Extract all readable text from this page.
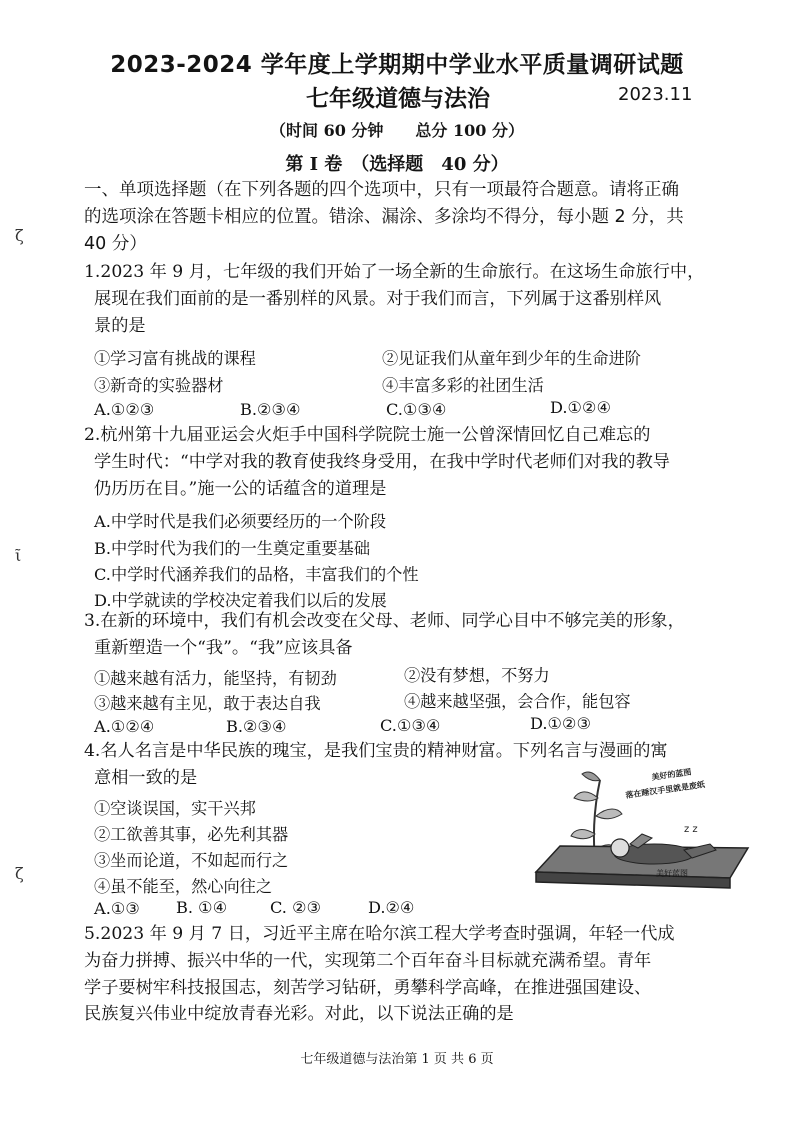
ζ
ῖ
ζ
2023-2024 学年度上学期期中学业水平质量调研试题
七年级道德与法治	2023.11
（时间 60 分钟　　总分 100 分）
第 I 卷　（选择题　40 分）
一、单项选择题（在下列各题的四个选项中，只有一项最符合题意。请将正确
的选项涂在答题卡相应的位置。错涂、漏涂、多涂均不得分，每小题 2 分，共
40 分）
1.2023 年 9 月，七年级的我们开始了一场全新的生命旅行。在这场生命旅行中，
展现在我们面前的是一番别样的风景。对于我们而言，下列属于这番别样风
景的是
①学习富有挑战的课程	②见证我们从童年到少年的生命进阶
③新奇的实验器材	④丰富多彩的社团生活
A.①②③	B.②③④	C.①③④	D.①②④
2.杭州第十九届亚运会火炬手中国科学院院士施一公曾深情回忆自己难忘的
学生时代：“中学对我的教育使我终身受用，在我中学时代老师们对我的教导
仍历历在目。”施一公的话蕴含的道理是
A.中学时代是我们必须要经历的一个阶段
B.中学时代为我们的一生奠定重要基础
C.中学时代涵养我们的品格，丰富我们的个性
D.中学就读的学校决定着我们以后的发展
3.在新的环境中，我们有机会改变在父母、老师、同学心目中不够完美的形象，
重新塑造一个“我”。“我”应该具备
①越来越有活力，能坚持，有韧劲	②没有梦想，不努力
③越来越有主见，敢于表达自我	④越来越坚强，会合作，能包容
A.①②④	B.②③④	C.①③④	D.①②③
4.名人名言是中华民族的瑰宝，是我们宝贵的精神财富。下列名言与漫画的寓
意相一致的是
①空谈误国，实干兴邦
②工欲善其事，必先利其器
③坐而论道，不如起而行之
④虽不能至，然心向往之
A.①③ B. ①④	C. ②③	D.②④
美好的蓝图
落在睡汉手里就是废纸
z z
美好蓝图
5.2023 年 9 月 7 日，习近平主席在哈尔滨工程大学考查时强调，年轻一代成
为奋力拼搏、振兴中华的一代，实现第二个百年奋斗目标就充满希望。青年
学子要树牢科技报国志，刻苦学习钻研，勇攀科学高峰，在推进强国建设、
民族复兴伟业中绽放青春光彩。对此，以下说法正确的是
七年级道德与法治第 1 页 共 6 页
